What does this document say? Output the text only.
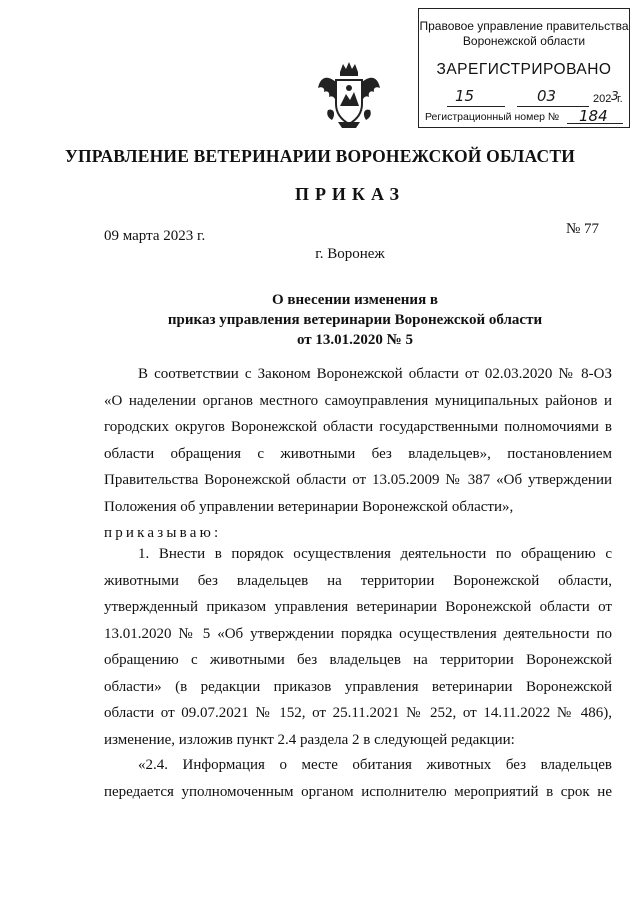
Правовое управление правительства
Воронежской области
ЗАРЕГИСТРИРОВАНО
15	03	202 3
г.
Регистрационный номер № 184
УПРАВЛЕНИЕ ВЕТЕРИНАРИИ ВОРОНЕЖСКОЙ ОБЛАСТИ
ПРИКАЗ
09 марта 2023 г.	№ 77
г. Воронеж
О внесении изменения в
приказ управления ветеринарии Воронежской области
от 13.01.2020 № 5
В соответствии с Законом Воронежской области от 02.03.2020 № 8-ОЗ
«О наделении органов местного самоуправления муниципальных районов и
городских округов Воронежской области государственными полномочиями в
области обращения с животными без владельцев», постановлением
Правительства Воронежской области от 13.05.2009 № 387 «Об утверждении
Положения об управлении ветеринарии Воронежской области»,
приказываю:
1. Внести в порядок осуществления деятельности по обращению с
животными без владельцев на территории Воронежской области,
утвержденный приказом управления ветеринарии Воронежской области от
13.01.2020 № 5 «Об утверждении порядка осуществления деятельности по
обращению с животными без владельцев на территории Воронежской
области» (в редакции приказов управления ветеринарии Воронежской
области от 09.07.2021 № 152, от 25.11.2021 № 252, от 14.11.2022 № 486),
изменение, изложив пункт 2.4 раздела 2 в следующей редакции:
«2.4. Информация о месте обитания животных без владельцев
передается уполномоченным органом исполнителю мероприятий в срок не
